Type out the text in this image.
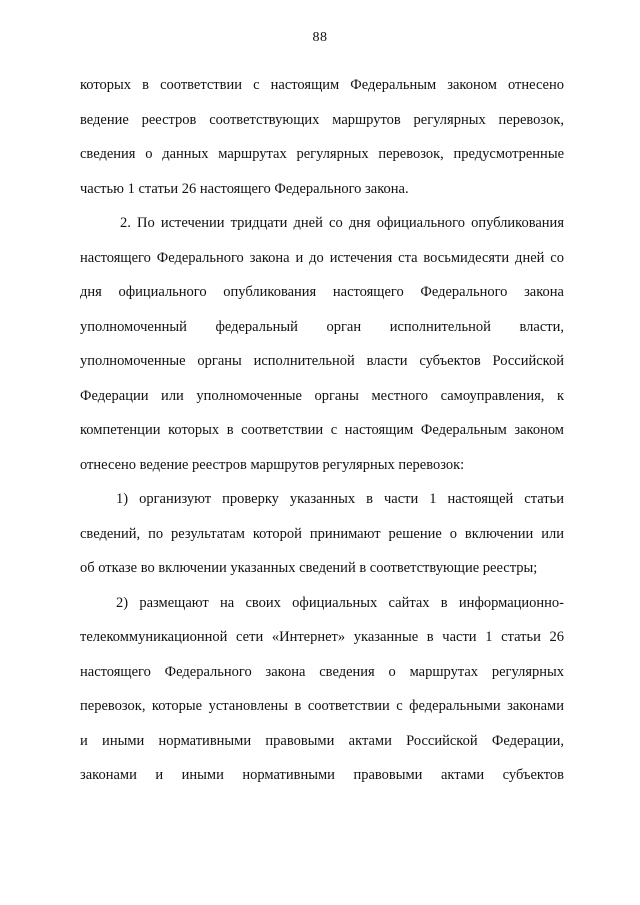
88
которых в соответствии с настоящим Федеральным законом отнесено
ведение реестров соответствующих маршрутов регулярных перевозок,
сведения о данных маршрутах регулярных перевозок, предусмотренные
частью 1 статьи 26 настоящего Федерального закона.
2. По истечении тридцати дней со дня официального опубликования
настоящего Федерального закона и до истечения ста восьмидесяти дней со
дня официального опубликования настоящего Федерального закона
уполномоченный федеральный орган исполнительной власти,
уполномоченные органы исполнительной власти субъектов Российской
Федерации или уполномоченные органы местного самоуправления, к
компетенции которых в соответствии с настоящим Федеральным законом
отнесено ведение реестров маршрутов регулярных перевозок:
1) организуют проверку указанных в части 1 настоящей статьи
сведений, по результатам которой принимают решение о включении или
об отказе во включении указанных сведений в соответствующие реестры;
2) размещают на своих официальных сайтах в информационно-
телекоммуникационной сети «Интернет» указанные в части 1 статьи 26
настоящего Федерального закона сведения о маршрутах регулярных
перевозок, которые установлены в соответствии с федеральными законами
и иными нормативными правовыми актами Российской Федерации,
законами и иными нормативными правовыми актами субъектов
